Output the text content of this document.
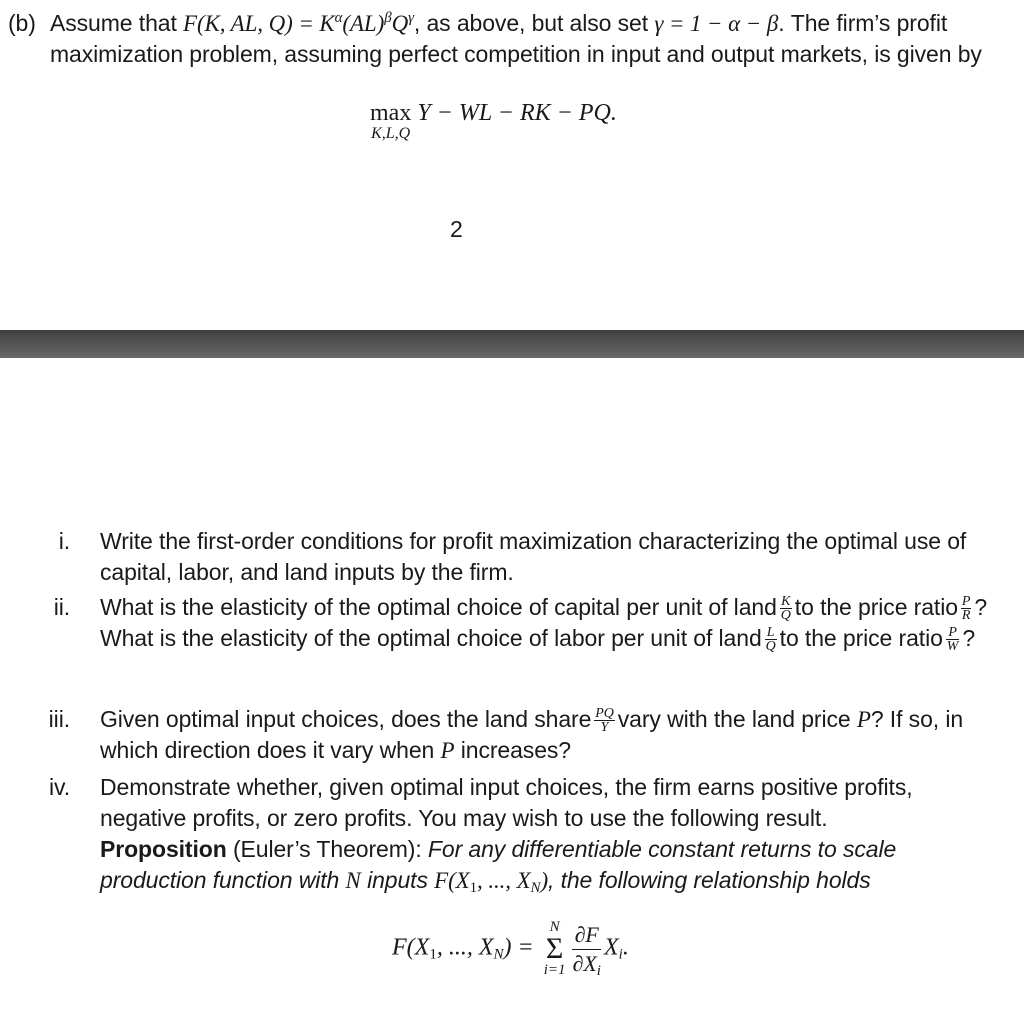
(b) Assume that F(K, AL, $Q) = K^\alpha(AL)^\beta Q^\gamma$, as above, but also set γ = 1 − α − β. The firm’s profit maximization problem, assuming perfect competition in input and output markets, is given by
max
K,L,Q
Y − WL − RK − PQ.
2
i. Write the first-order conditions for profit maximization characterizing the optimal use of capital, labor, and land inputs by the firm.
ii. What is the elasticity of the optimal choice of capital per unit of land $\frac{K}{Q}$ to the price ratio $\frac{P}{R}$ ? What is the elasticity of the optimal choice of labor per unit of land $\frac{L}{Q}$ to the price ratio $\frac{P}{W}$ ?
iii. Given optimal input choices, does the land share $\frac{PQ}{Y}$ vary with the land price P? If so, in which direction does it vary when P increases?
iv. Demonstrate whether, given optimal input choices, the firm earns positive profits, negative profits, or zero profits. You may wish to use the following result.
Proposition (Euler’s Theorem): For any differentiable constant returns to scale production function with N inputs $F(X_1$, ..., $X_N$), the following relationship holds
$F(X_1$, ..., $X_N$) =
N
Σ
$i=1 \frac{\partial F}{\partial X_i} X_i$.
